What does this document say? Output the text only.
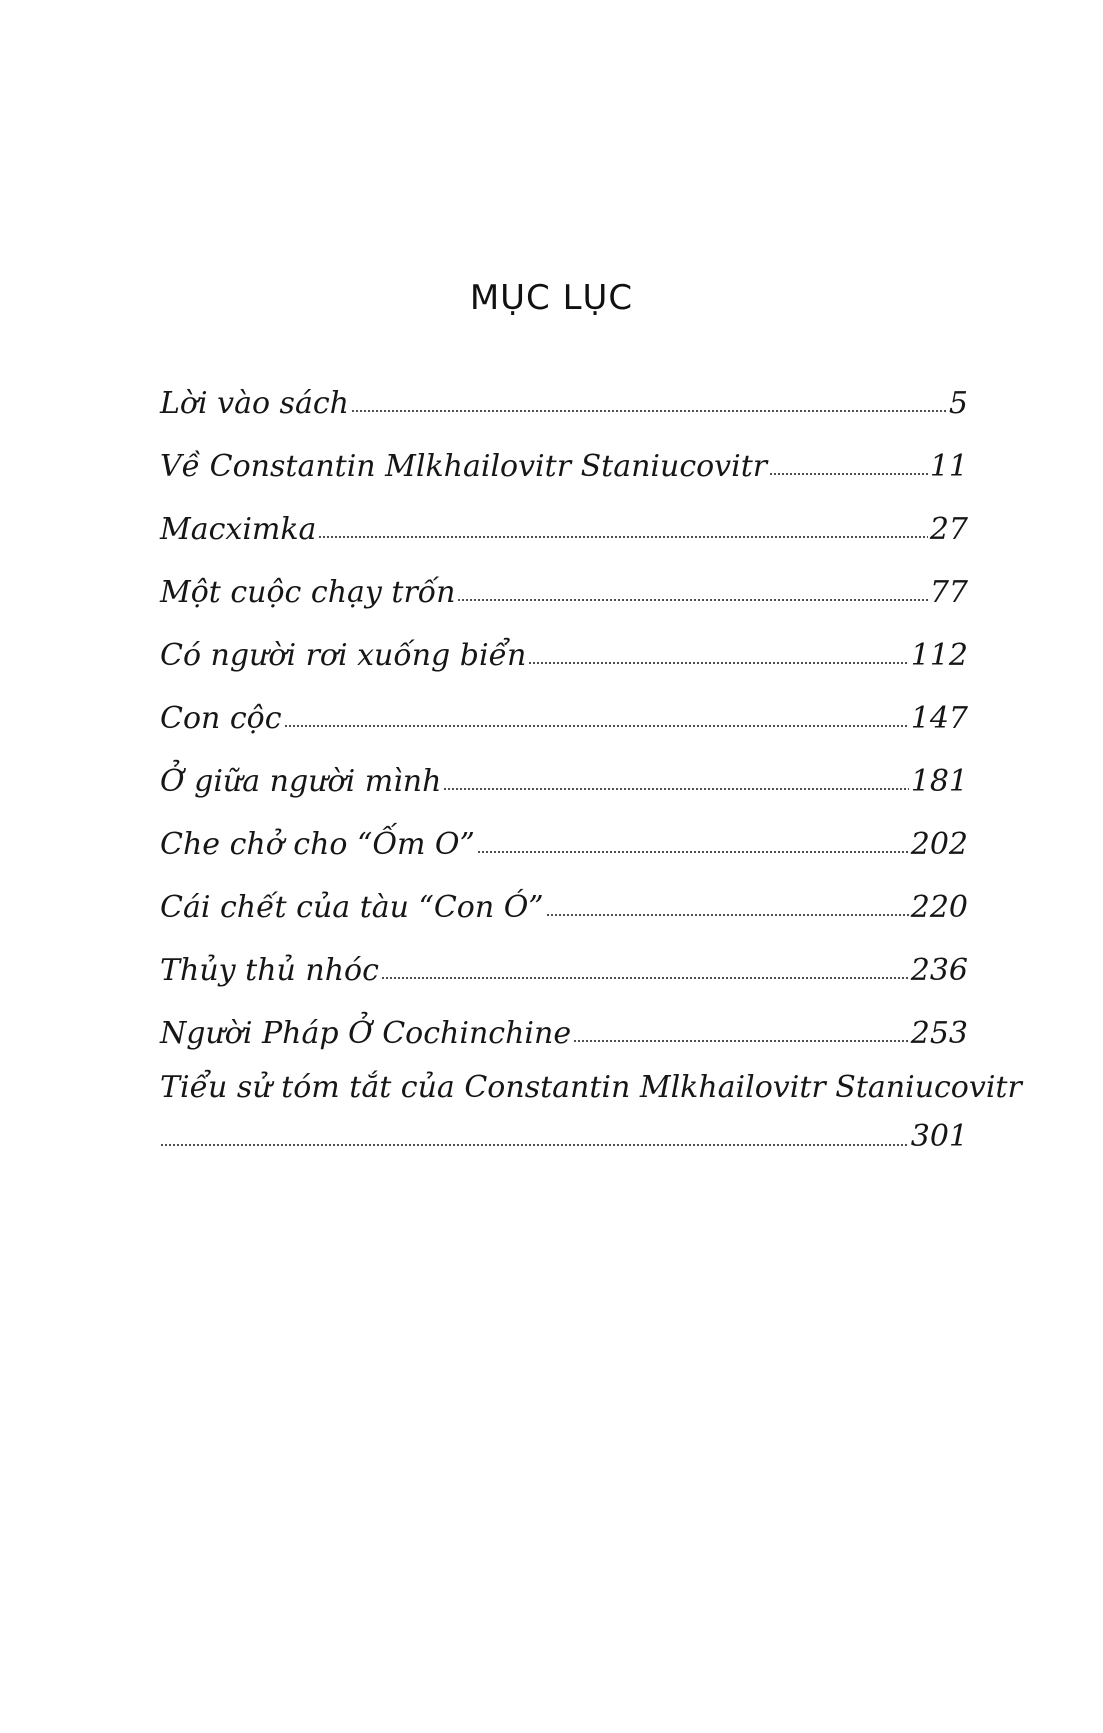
MỤC LỤC
Lời vào sách	5
Về Constantin Mlkhailovitr Staniucovitr	11
Macximka	27
Một cuộc chạy trốn	77
Có người rơi xuống biển	112
Con cộc	147
Ở giữa người mình	181
Che chở cho “Ốm O”	202
Cái chết của tàu “Con Ó”	220
Thủy thủ nhóc	236
Người Pháp Ở Cochinchine	253
Tiểu sử tóm tắt của Constantin Mlkhailovitr Staniucovitr
301
